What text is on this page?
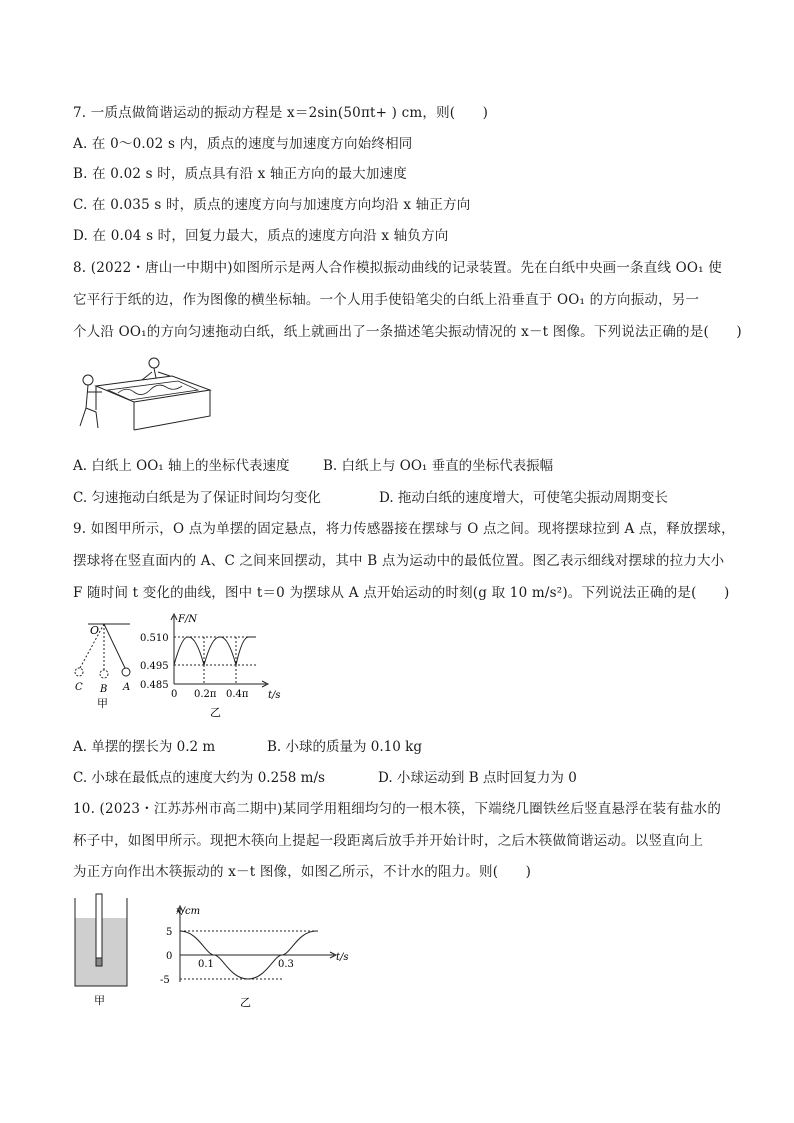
7. 一质点做简谐运动的振动方程是 x＝2sin(50πt+ ) cm，则(　　)
A. 在 0～0.02 s 内，质点的速度与加速度方向始终相同
B. 在 0.02 s 时，质点具有沿 x 轴正方向的最大加速度
C. 在 0.035 s 时，质点的速度方向与加速度方向均沿 x 轴正方向
D. 在 0.04 s 时，回复力最大，质点的速度方向沿 x 轴负方向
8. (2022・唐山一中期中)如图所示是两人合作模拟振动曲线的记录装置。先在白纸中央画一条直线 OO₁ 使
它平行于纸的边，作为图像的横坐标轴。一个人用手使铅笔尖的白纸上沿垂直于 OO₁ 的方向振动，另一
个人沿 OO₁的方向匀速拖动白纸，纸上就画出了一条描述笔尖振动情况的 x－t 图像。下列说法正确的是(　　)
A. 白纸上 OO₁ 轴上的坐标代表速度 B. 白纸上与 OO₁ 垂直的坐标代表振幅
C. 匀速拖动白纸是为了保证时间均匀变化	D. 拖动白纸的速度增大，可使笔尖振动周期变长
9. 如图甲所示，O 点为单摆的固定悬点，将力传感器接在摆球与 O 点之间。现将摆球拉到 A 点，释放摆球，
摆球将在竖直面内的 A、C 之间来回摆动，其中 B 点为运动中的最低位置。图乙表示细线对摆球的拉力大小
F 随时间 t 变化的曲线，图中 t＝0 为摆球从 A 点开始运动的时刻(g 取 10 m/s²)。下列说法正确的是(　　)
O
C B A
甲
F/N
t/s
0.510
0.495
0.485
0 0.2π 0.4π
乙
A. 单摆的摆长为 0.2 m	B. 小球的质量为 0.10 kg
C. 小球在最低点的速度大约为 0.258 m/s	D. 小球运动到 B 点时回复力为 0
10. (2023・江苏苏州市高二期中)某同学用粗细均匀的一根木筷，下端绕几圈铁丝后竖直悬浮在装有盐水的
杯子中，如图甲所示。现把木筷向上提起一段距离后放手并开始计时，之后木筷做简谐运动。以竖直向上
为正方向作出木筷振动的 x－t 图像，如图乙所示，不计水的阻力。则(　　)
甲
x/cm
t/s
5
0
-5
0.1	0.3
乙
